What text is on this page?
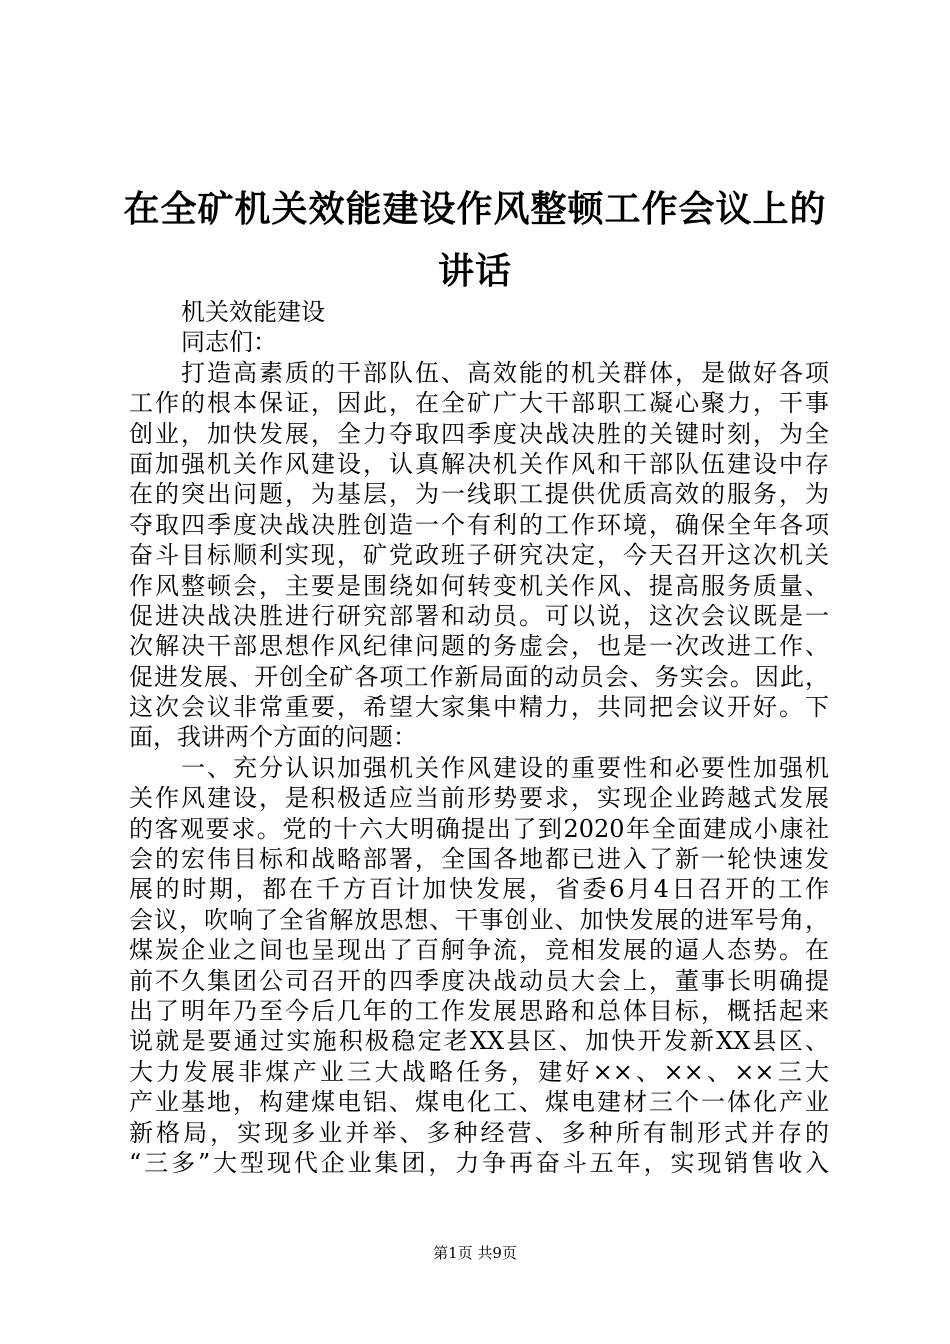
在全矿机关效能建设作风整顿工作会议上的讲话
机关效能建设
同志们：
打造高素质的干部队伍、高效能的机关群体，是做好各项
工作的根本保证，因此，在全矿广大干部职工凝心聚力，干事
创业，加快发展，全力夺取四季度决战决胜的关键时刻，为全
面加强机关作风建设，认真解决机关作风和干部队伍建设中存
在的突出问题，为基层，为一线职工提供优质高效的服务，为
夺取四季度决战决胜创造一个有利的工作环境，确保全年各项
奋斗目标顺利实现，矿党政班子研究决定，今天召开这次机关
作风整顿会，主要是围绕如何转变机关作风、提高服务质量、
促进决战决胜进行研究部署和动员。可以说，这次会议既是一
次解决干部思想作风纪律问题的务虚会，也是一次改进工作、
促进发展、开创全矿各项工作新局面的动员会、务实会。因此，
这次会议非常重要，希望大家集中精力，共同把会议开好。下
面，我讲两个方面的问题：
一、充分认识加强机关作风建设的重要性和必要性加强机
关作风建设，是积极适应当前形势要求，实现企业跨越式发展
的客观要求。党的十六大明确提出了到2020年全面建成小康社
会的宏伟目标和战略部署，全国各地都已进入了新一轮快速发
展的时期，都在千方百计加快发展，省委6月4日召开的工作
会议，吹响了全省解放思想、干事创业、加快发展的进军号角，
煤炭企业之间也呈现出了百舸争流，竞相发展的逼人态势。在
前不久集团公司召开的四季度决战动员大会上，董事长明确提
出了明年乃至今后几年的工作发展思路和总体目标，概括起来
说就是要通过实施积极稳定老XX县区、加快开发新XX县区、
大力发展非煤产业三大战略任务，建好××、××、××三大
产业基地，构建煤电铝、煤电化工、煤电建材三个一体化产业
新格局，实现多业并举、多种经营、多种所有制形式并存的
“三多”大型现代企业集团，力争再奋斗五年，实现销售收入
第1页 共9页
